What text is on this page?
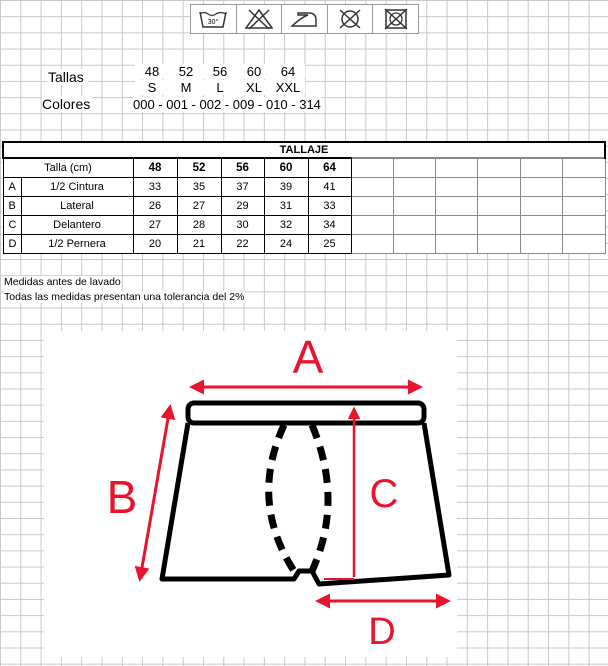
30°
Tallas
Colores
48	52	56	60	64
S	M	L	XL	XXL
000 - 001 - 002 - 009 - 010 - 314
TALLAJE												
Talla (cm)		48	52	56	60	64						
A	1/2 Cintura	33	35	37	39	41						
B	Lateral	26	27	29	31	33						
C	Delantero	27	28	30	32	34						
D	1/2 Pernera	20	21	22	24	25						
Medidas antes de lavado
Todas las medidas presentan una tolerancia del 2%
A
B	C
D
